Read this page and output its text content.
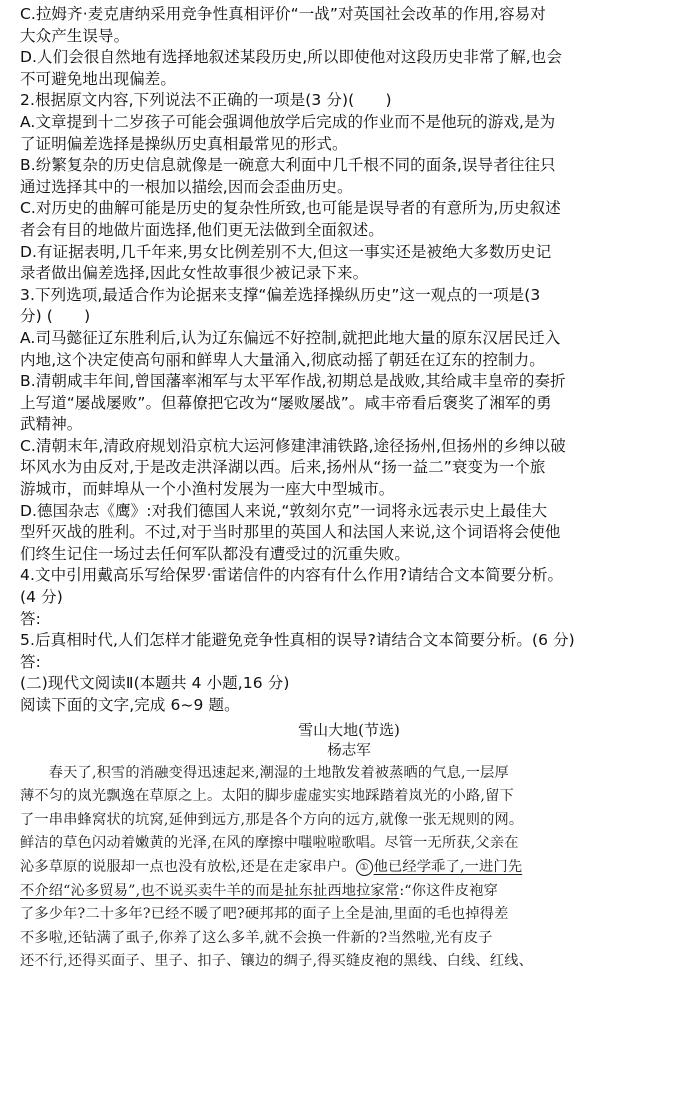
C.拉姆齐·麦克唐纳采用竞争性真相评价“一战”对英国社会改革的作用,容易对
大众产生误导。
D.人们会很自然地有选择地叙述某段历史,所以即使他对这段历史非常了解,也会
不可避免地出现偏差。
2.根据原文内容,下列说法不正确的一项是(3 分)(　　)
A.文章提到十二岁孩子可能会强调他放学后完成的作业而不是他玩的游戏,是为
了证明偏差选择是操纵历史真相最常见的形式。
B.纷繁复杂的历史信息就像是一碗意大利面中几千根不同的面条,误导者往往只
通过选择其中的一根加以描绘,因而会歪曲历史。
C.对历史的曲解可能是历史的复杂性所致,也可能是误导者的有意所为,历史叙述
者会有目的地做片面选择,他们更无法做到全面叙述。
D.有证据表明,几千年来,男女比例差别不大,但这一事实还是被绝大多数历史记
录者做出偏差选择,因此女性故事很少被记录下来。
3.下列选项,最适合作为论据来支撑“偏差选择操纵历史”这一观点的一项是(3
分) (　　)
A.司马懿征辽东胜利后,认为辽东偏远不好控制,就把此地大量的原东汉居民迁入
内地,这个决定使高句丽和鲜卑人大量涌入,彻底动摇了朝廷在辽东的控制力。
B.清朝咸丰年间,曾国藩率湘军与太平军作战,初期总是战败,其给咸丰皇帝的奏折
上写道“屡战屡败”。但幕僚把它改为“屡败屡战”。咸丰帝看后褒奖了湘军的勇
武精神。
C.清朝末年,清政府规划沿京杭大运河修建津浦铁路,途径扬州,但扬州的乡绅以破
坏风水为由反对,于是改走洪泽湖以西。后来,扬州从“扬一益二”衰变为一个旅
游城市，而蚌埠从一个小渔村发展为一座大中型城市。
D.德国杂志《鹰》:对我们德国人来说,“敦刻尔克”一词将永远表示史上最佳大
型歼灭战的胜利。不过,对于当时那里的英国人和法国人来说,这个词语将会使他
们终生记住一场过去任何军队都没有遭受过的沉重失败。
4.文中引用戴高乐写给保罗·雷诺信件的内容有什么作用?请结合文本简要分析。
(4 分)
答:
5.后真相时代,人们怎样才能避免竞争性真相的误导?请结合文本简要分析。(6 分)
答:
(二)现代文阅读Ⅱ(本题共 4 小题,16 分)
阅读下面的文字,完成 6~9 题。
雪山大地(节选)
杨志军
　　春天了,积雪的消融变得迅速起来,潮湿的土地散发着被蒸晒的气息,一层厚
薄不匀的岚光飘逸在草原之上。太阳的脚步虚虚实实地踩踏着岚光的小路,留下
了一串串蜂窝状的坑窝,延伸到远方,那是各个方向的远方,就像一张无规则的网。
鲜洁的草色闪动着嫩黄的光泽,在风的摩擦中嗤啦啦歌唱。尽管一无所获,父亲在
沁多草原的说服却一点也没有放松,还是在走家串户。 ① 他已经学乖了,一进门先
不介绍“沁多贸易”,也不说买卖牛羊的而是扯东扯西地拉家常:“你这件皮袍穿
了多少年?二十多年?已经不暖了吧?硬邦邦的面子上全是油,里面的毛也掉得差
不多啦,还钻满了虱子,你养了这么多羊,就不会换一件新的?当然啦,光有皮子
还不行,还得买面子、里子、扣子、镶边的绸子,得买缝皮袍的黑线、白线、红线、
